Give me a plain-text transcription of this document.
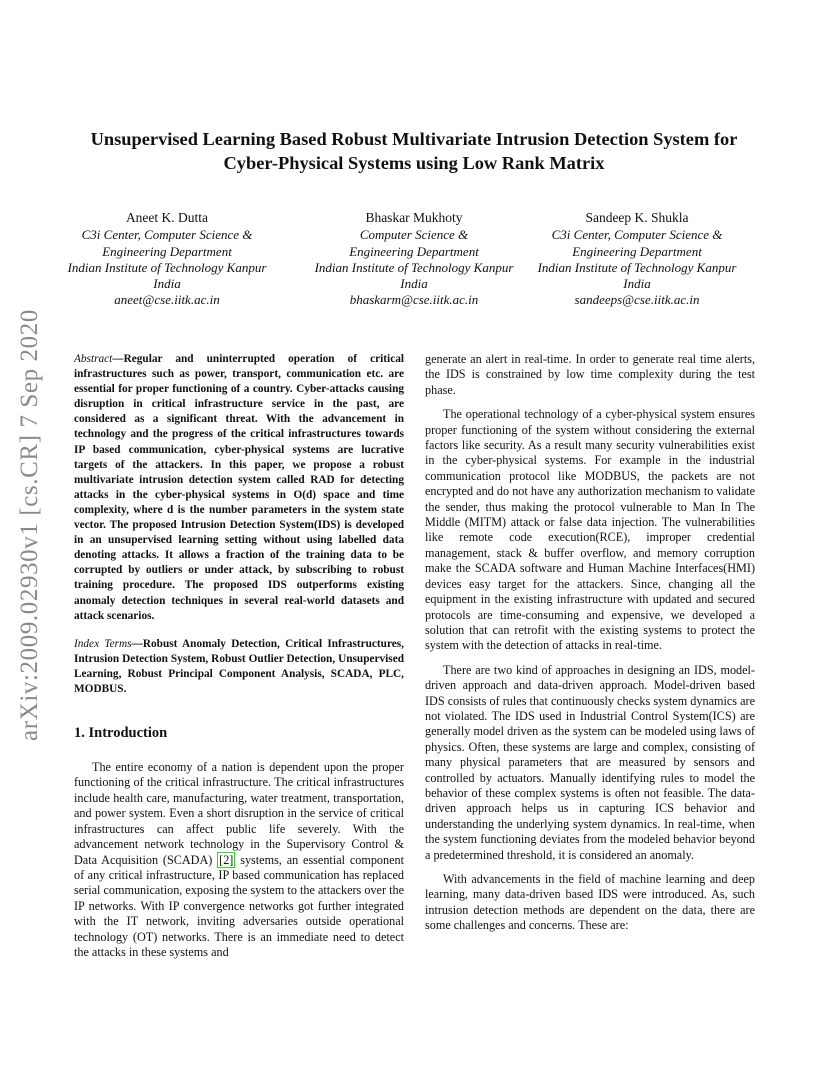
arXiv:2009.02930v1 [cs.CR] 7 Sep 2020
Unsupervised Learning Based Robust Multivariate Intrusion Detection System for
Cyber-Physical Systems using Low Rank Matrix
Aneet K. Dutta
C3i Center, Computer Science &
Engineering Department
Indian Institute of Technology Kanpur
India
aneet@cse.iitk.ac.in
Bhaskar Mukhoty
Computer Science &
Engineering Department
Indian Institute of Technology Kanpur
India
bhaskarm@cse.iitk.ac.in
Sandeep K. Shukla
C3i Center, Computer Science &
Engineering Department
Indian Institute of Technology Kanpur
India
sandeeps@cse.iitk.ac.in

Abstract—Regular and uninterrupted operation of critical infrastructures such as power, transport, communication etc. are essential for proper functioning of a country. Cyber-attacks causing disruption in critical infrastructure service in the past, are considered as a significant threat. With the advancement in technology and the progress of the critical infrastructures towards IP based communication, cyber-physical systems are lucrative targets of the attackers. In this paper, we propose a robust multivariate intrusion detection system called RAD for detecting attacks in the cyber-physical systems in O(d) space and time complexity, where d is the number parameters in the system state vector. The proposed Intrusion Detection System(IDS) is developed in an unsupervised learning setting without using labelled data denoting attacks. It allows a fraction of the training data to be corrupted by outliers or under attack, by subscribing to robust training procedure. The proposed IDS outperforms existing anomaly detection techniques in several real-world datasets and attack scenarios.

Index Terms—Robust Anomaly Detection, Critical Infrastructures, Intrusion Detection System, Robust Outlier Detection, Unsupervised Learning, Robust Principal Component Analysis, SCADA, PLC, MODBUS.

1. Introduction

The entire economy of a nation is dependent upon the proper functioning of the critical infrastructure. The critical infrastructures include health care, manufacturing, water treatment, transportation, and power system. Even a short disruption in the service of critical infrastructures can affect public life severely. With the advancement network technology in the Supervisory Control & Data Acquisition (SCADA) [2] systems, an essential component of any critical infrastructure, IP based communication has replaced serial communication, exposing the system to the attackers over the IP networks. With IP convergence networks got further integrated with the IT network, inviting adversaries outside operational technology (OT) networks. There is an immediate need to detect the attacks in these systems and

generate an alert in real-time. In order to generate real time alerts, the IDS is constrained by low time complexity during the test phase.

The operational technology of a cyber-physical system ensures proper functioning of the system without considering the external factors like security. As a result many security vulnerabilities exist in the cyber-physical systems. For example in the industrial communication protocol like MODBUS, the packets are not encrypted and do not have any authorization mechanism to validate the sender, thus making the protocol vulnerable to Man In The Middle (MITM) attack or false data injection. The vulnerabilities like remote code execution(RCE), improper credential management, stack & buffer overflow, and memory corruption make the SCADA software and Human Machine Interfaces(HMI) devices easy target for the attackers. Since, changing all the equipment in the existing infrastructure with updated and secured protocols are time-consuming and expensive, we developed a solution that can retrofit with the existing systems to protect the system with the detection of attacks in real-time.

There are two kind of approaches in designing an IDS, model-driven approach and data-driven approach. Model-driven based IDS consists of rules that continuously checks system dynamics are not violated. The IDS used in Industrial Control System(ICS) are generally model driven as the system can be modeled using laws of physics. Often, these systems are large and complex, consisting of many physical parameters that are measured by sensors and controlled by actuators. Manually identifying rules to model the behavior of these complex systems is often not feasible. The data-driven approach helps us in capturing ICS behavior and understanding the underlying system dynamics. In real-time, when the system functioning deviates from the modeled behavior beyond a predetermined threshold, it is considered an anomaly.

With advancements in the field of machine learning and deep learning, many data-driven based IDS were introduced. As, such intrusion detection methods are dependent on the data, there are some challenges and concerns. These are:
